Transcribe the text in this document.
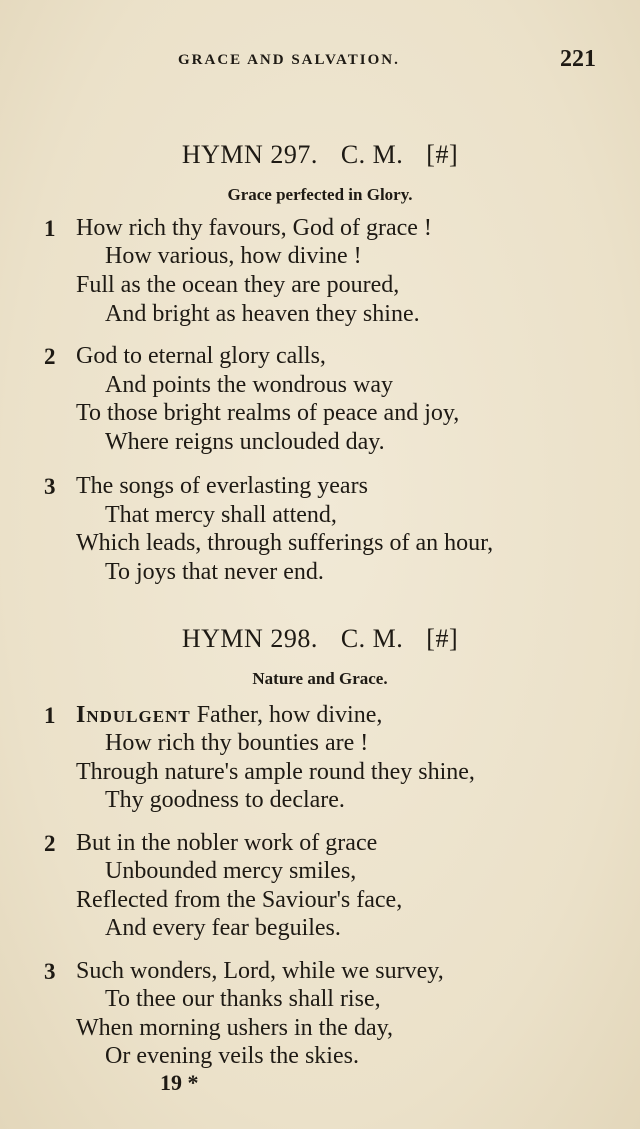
GRACE AND SALVATION.	221
HYMN 297. C. M. [#]
Grace perfected in Glory.
1 How rich thy favours, God of grace !
How various, how divine !
Full as the ocean they are poured,
And bright as heaven they shine.
2 God to eternal glory calls,
And points the wondrous way
To those bright realms of peace and joy,
Where reigns unclouded day.
3 The songs of everlasting years
That mercy shall attend,
Which leads, through sufferings of an hour,
To joys that never end.
HYMN 298. C. M. [#]
Nature and Grace.
1 Indulgent Father, how divine,
How rich thy bounties are !
Through nature's ample round they shine,
Thy goodness to declare.
2 But in the nobler work of grace
Unbounded mercy smiles,
Reflected from the Saviour's face,
And every fear beguiles.
3 Such wonders, Lord, while we survey,
To thee our thanks shall rise,
When morning ushers in the day,
Or evening veils the skies.
19 *
